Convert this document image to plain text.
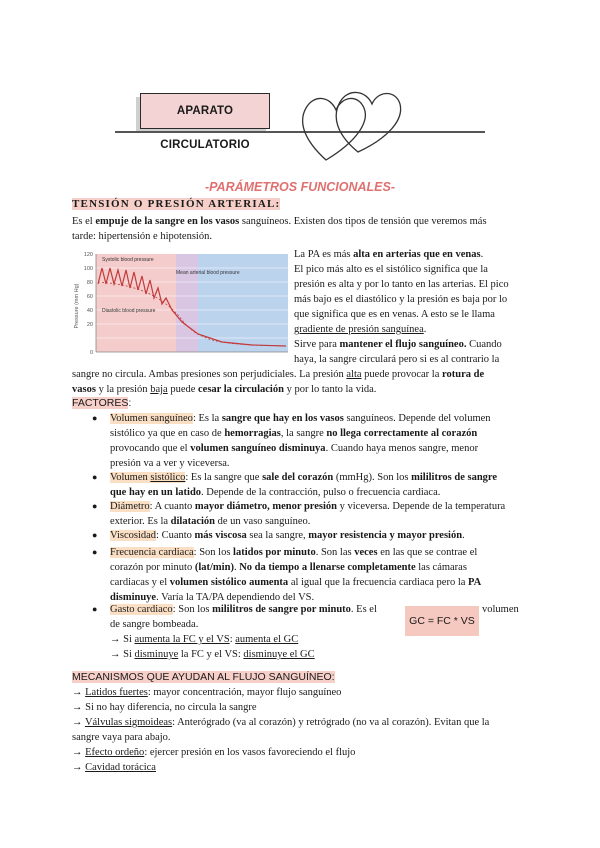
APARATO CIRCULATORIO
-PARÁMETROS FUNCIONALES-
TENSIÓN O PRESIÓN ARTERIAL:
Es el empuje de la sangre en los vasos sanguíneos. Existen dos tipos de tensión que veremos más
tarde: hipertensión e hipotensión.
Pressure (mm Hg)
120
100
80
60
40
20
0
Systolic blood pressure
Mean arterial blood pressure
Diastolic blood pressure
La PA es más alta en arterias que en venas.
El pico más alto es el sistólico significa que la
presión es alta y por lo tanto en las arterias. El pico
más bajo es el diastólico y la presión es baja por lo
que significa que es en venas. A esto se le llama
gradiente de presión sanguínea.
Sirve para mantener el flujo sanguíneo. Cuando
haya, la sangre circulará pero si es al contrario la
sangre no circula. Ambas presiones son perjudiciales. La presión alta puede provocar la rotura de
vasos y la presión baja puede cesar la circulación y por lo tanto la vida.
FACTORES:
● Volumen sanguíneo: Es la sangre que hay en los vasos sanguíneos. Depende del volumen
sistólico ya que en caso de hemorragias, la sangre no llega correctamente al corazón
provocando que el volumen sanguíneo disminuya. Cuando haya menos sangre, menor
presión va a ver y viceversa.
● Volumen sistólico: Es la sangre que sale del corazón (mmHg). Son los mililitros de sangre
que hay en un latido. Depende de la contracción, pulso o frecuencia cardiaca.
● Diámetro: A cuanto mayor diámetro, menor presión y viceversa. Depende de la temperatura
exterior. Es la dilatación de un vaso sanguíneo.
● Viscosidad: Cuanto más viscosa sea la sangre, mayor resistencia y mayor presión.
● Frecuencia cardiaca: Son los latidos por minuto. Son las veces en las que se contrae el
corazón por minuto (lat/min). No da tiempo a llenarse completamente las cámaras
cardiacas y el volumen sistólico aumenta al igual que la frecuencia cardiaca pero la PA
disminuye. Varía la TA/PA dependiendo del VS.
● Gasto cardiaco: Son los mililitros de sangre por minuto. Es el
GC = FC * VS
volumen
de sangre bombeada.
→ Si aumenta la FC y el VS: aumenta el GC
→ Si disminuye la FC y el VS: disminuye el GC
MECANISMOS QUE AYUDAN AL FLUJO SANGUÍNEO:
→ Latidos fuertes: mayor concentración, mayor flujo sanguíneo
→ Si no hay diferencia, no circula la sangre
→ Válvulas sigmoideas: Anterógrado (va al corazón) y retrógrado (no va al corazón). Evitan que la
sangre vaya para abajo.
→ Efecto ordeño: ejercer presión en los vasos favoreciendo el flujo
→ Cavidad torácica
